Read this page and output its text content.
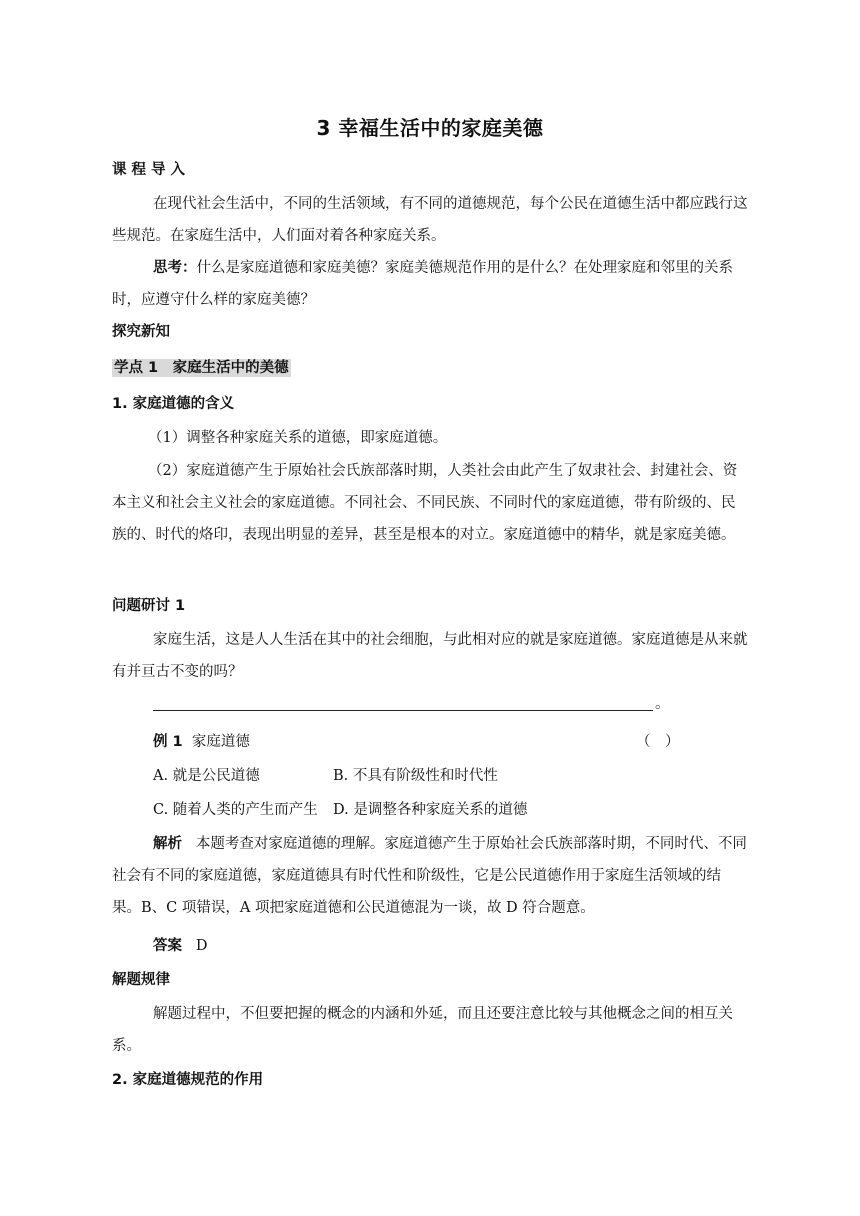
3 幸福生活中的家庭美德
课程导入
在现代社会生活中，不同的生活领域，有不同的道德规范，每个公民在道德生活中都应践行这些规范。在家庭生活中，人们面对着各种家庭关系。
思考：什么是家庭道德和家庭美德？家庭美德规范作用的是什么？在处理家庭和邻里的关系时，应遵守什么样的家庭美德？
探究新知
学点 1　家庭生活中的美德
1. 家庭道德的含义
（1）调整各种家庭关系的道德，即家庭道德。
（2）家庭道德产生于原始社会氏族部落时期，人类社会由此产生了奴隶社会、封建社会、资本主义和社会主义社会的家庭道德。不同社会、不同民族、不同时代的家庭道德，带有阶级的、民族的、时代的烙印，表现出明显的差异，甚至是根本的对立。家庭道德中的精华，就是家庭美德。
问题研讨 1
家庭生活，这是人人生活在其中的社会细胞，与此相对应的就是家庭道德。家庭道德是从来就有并亘古不变的吗？
。
例 1 家庭道德	（　）
A. 就是公民道德	B. 不具有阶级性和时代性
C. 随着人类的产生而产生 D. 是调整各种家庭关系的道德
解析 本题考查对家庭道德的理解。家庭道德产生于原始社会氏族部落时期，不同时代、不同社会有不同的家庭道德，家庭道德具有时代性和阶级性，它是公民道德作用于家庭生活领域的结果。B、C 项错误，A 项把家庭道德和公民道德混为一谈，故 D 符合题意。
答案 D
解题规律
解题过程中，不但要把握的概念的内涵和外延，而且还要注意比较与其他概念之间的相互关系。
2. 家庭道德规范的作用
